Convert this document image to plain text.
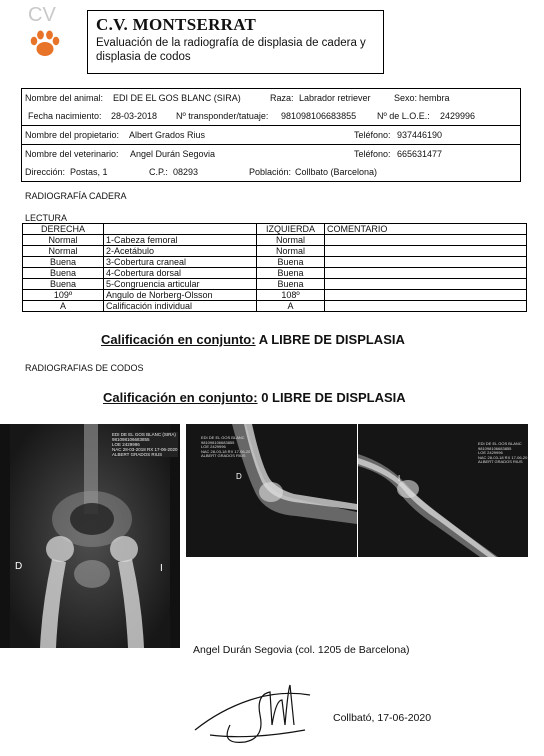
CV C.V. MONTSERRAT
Evaluación de la radiografía de displasia de cadera y displasia de codos
Nombre del animal: EDI DE EL GOS BLANC (SIRA)	Raza: Labrador retriever	Sexo: hembra
Fecha nacimiento: 28-03-2018 Nº transponder/tatuaje: 981098106683855 Nº de L.O.E.: 2429996
Nombre del propietario: Albert Grados Rius	Teléfono: 937446190
Nombre del veterinario: Angel Durán Segovia	Teléfono: 665631477
Dirección: Postas, 1	C.P.: 08293	Población: Collbato (Barcelona)
RADIOGRAFÍA CADERA
LECTURA
DERECHA		IZQUIERDA	COMENTARIO
Normal	1-Cabeza femoral	Normal	
Normal	2-Acetábulo	Normal	
Buena	3-Cobertura craneal	Buena	
Buena	4-Cobertura dorsal	Buena	
Buena	5-Congruencia articular	Buena	
109º	Angulo de Norberg-Olsson	108º	
A	Calificación individual	A	
Calificación en conjunto: A LIBRE DE DISPLASIA
RADIOGRAFIAS DE CODOS
Calificación en conjunto: 0 LIBRE DE DISPLASIA
EDI DE EL GOS BLANC (SIRA)
981098106683855
LOE 2429996
NAC 28-03-2018 RX 17-06-2020
ALBERT GRADOS RIUS
D	I
EDI DE EL GOS BLANC
981098106683855
LOE 2429996
NAC 28-03-18 RX 17-06-20
ALBERT GRADOS RIUS
D
EDI DE EL GOS BLANC
981098106683855
LOE 2429996
NAC 28-03-18 RX 17-06-20
ALBERT GRADOS RIUS
I
Angel Durán Segovia (col. 1205 de Barcelona)
Collbató, 17-06-2020
